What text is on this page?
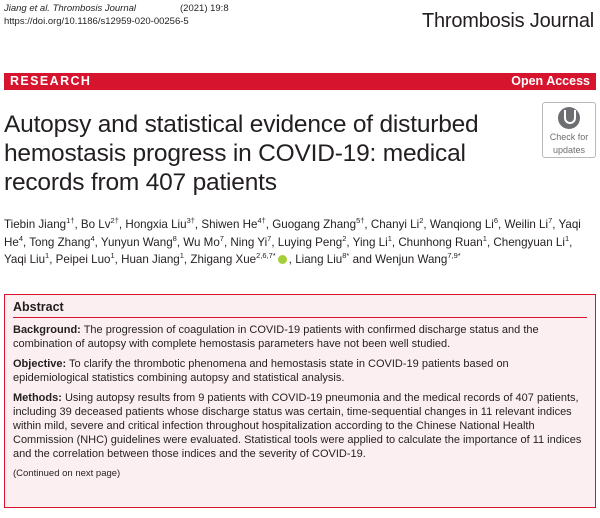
Jiang et al. Thrombosis Journal	(2021) 19:8
https://doi.org/10.1186/s12959-020-00256-5	Thrombosis Journal
RESEARCH	Open Access
Autopsy and statistical evidence of disturbed hemostasis progress in COVID-19: medical records from 407 patients
Check for
updates
Tiebin Jiang$^{1\dagger}$, Bo $Lv^{2\dagger}$, Hongxia Liu$^{3\dagger}$, Shiwen $He^{4\dagger}$, Guogang Zhang$^{5\dagger}$, Chanyi Li$^2$, Wanqiong Li$^6$, Weilin Li$^7$, Yaqi He$^4$, Tong Zhang$^4$, Yunyun Wang$^8$, Wu Mo$^7$, Ning Yi$^7$, Luying Peng$^2$, Ying Li$^1$, Chunhong Ruan$^1$, Chengyuan Li$^1$, Yaqi Liu$^1$, Peipei Luo$^1$, Huan Jiang$^1$, Zhigang Xue$^{2,6,7*}$ , Liang Liu$^{8*}$ and Wenjun Wang$^{7,9*}$
Abstract

Background: The progression of coagulation in COVID-19 patients with confirmed discharge status and the combination of autopsy with complete hemostasis parameters have not been well studied.

Objective: To clarify the thrombotic phenomena and hemostasis state in COVID-19 patients based on epidemiological statistics combining autopsy and statistical analysis.

Methods: Using autopsy results from 9 patients with COVID-19 pneumonia and the medical records of 407 patients, including 39 deceased patients whose discharge status was certain, time-sequential changes in 11 relevant indices within mild, severe and critical infection throughout hospitalization according to the Chinese National Health Commission (NHC) guidelines were evaluated. Statistical tools were applied to calculate the importance of 11 indices and the correlation between those indices and the severity of COVID-19.

(Continued on next page)
